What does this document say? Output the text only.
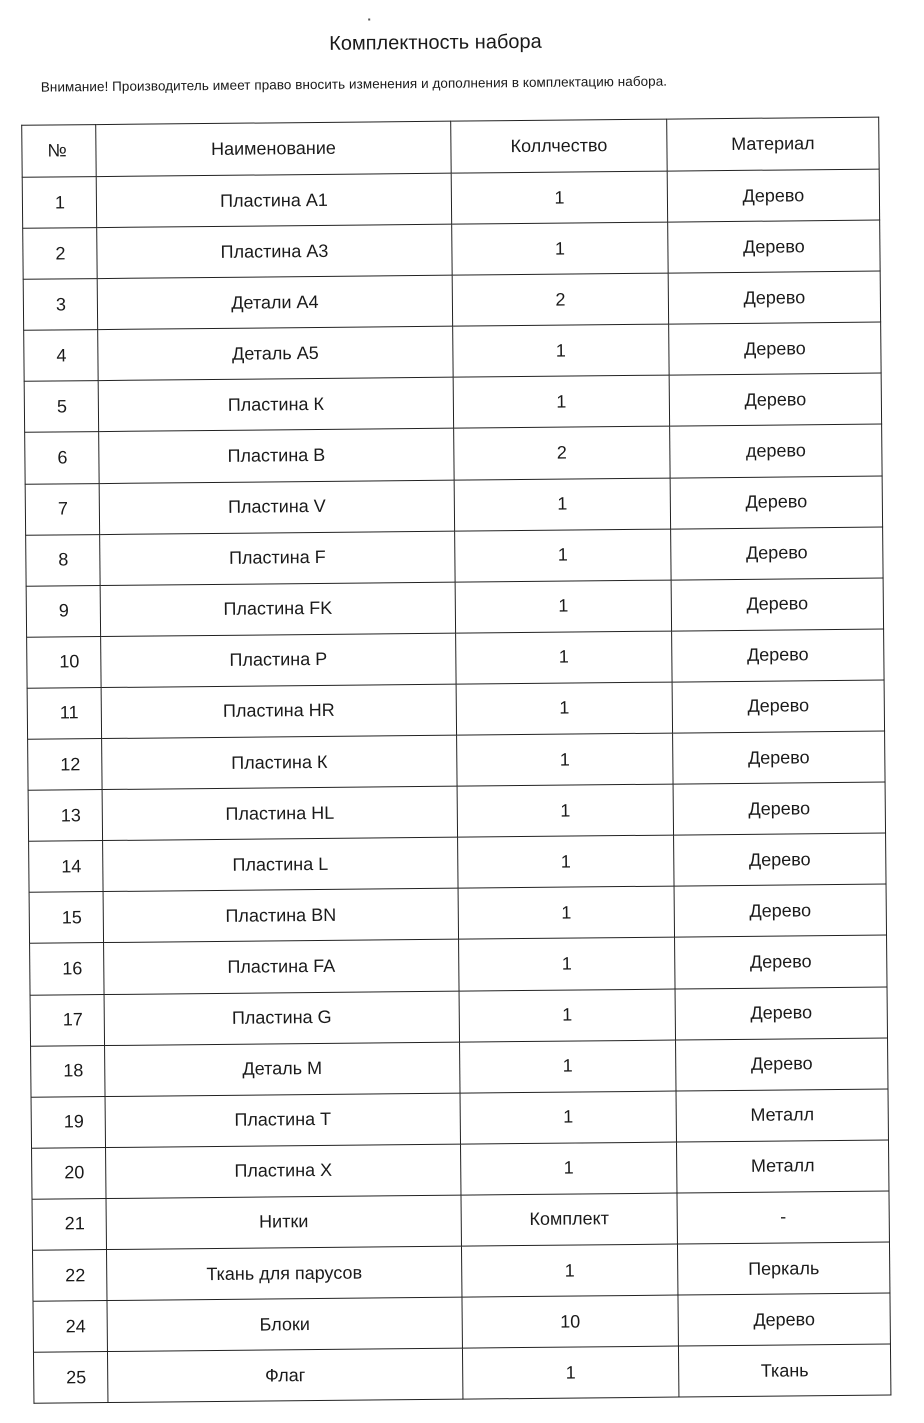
Комплектность набора

Внимание! Производитель имеет право вносить изменения и дополнения в комплектацию набора.

№	Наименование	Коллчество	Материал
1	Пластина А1	1	Дерево
2	Пластина А3	1	Дерево
3	Детали А4	2	Дерево
4	Деталь А5	1	Дерево
5	Пластина К	1	Дерево
6	Пластина В	2	дерево
7	Пластина V	1	Дерево
8	Пластина F	1	Дерево
9	Пластина FK	1	Дерево
10	Пластина Р	1	Дерево
11	Пластина HR	1	Дерево
12	Пластина К	1	Дерево
13	Пластина HL	1	Дерево
14	Пластина L	1	Дерево
15	Пластина BN	1	Дерево
16	Пластина FA	1	Дерево
17	Пластина G	1	Дерево
18	Деталь М	1	Дерево
19	Пластина Т	1	Металл
20	Пластина Х	1	Металл
21	Нитки	Комплект	-
22	Ткань для парусов	1	Перкаль
24	Блоки	10	Дерево
25	Флаг	1	Ткань
